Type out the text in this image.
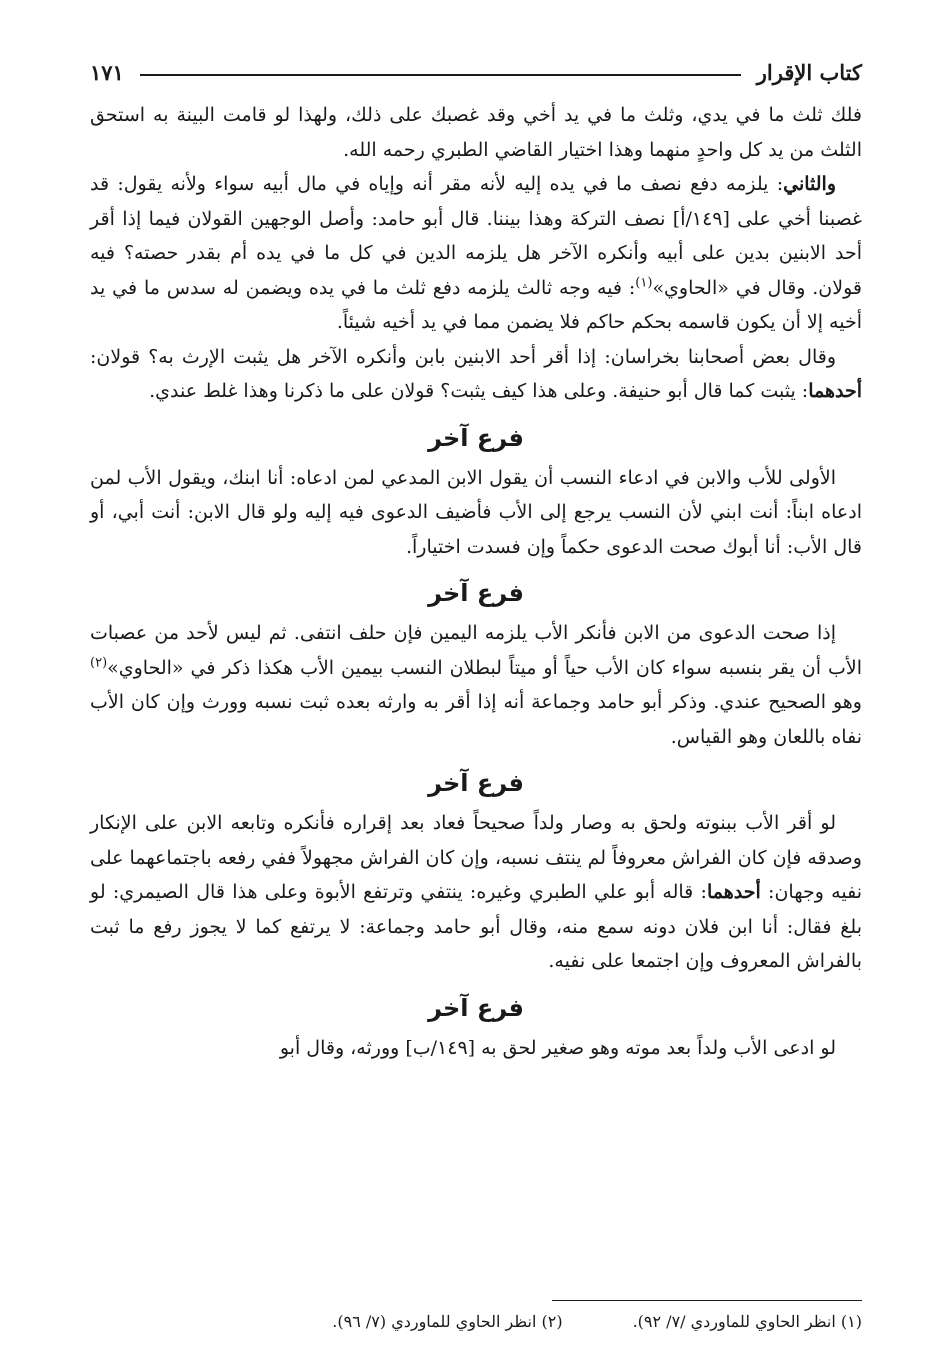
كتاب الإقرار
١٧١

فلك ثلث ما في يدي، وثلث ما في يد أخي وقد غصبك على ذلك، ولهذا لو قامت البينة به استحق الثلث من يد كل واحدٍ منهما وهذا اختيار القاضي الطبري رحمه الله.

والثاني: يلزمه دفع نصف ما في يده إليه لأنه مقر أنه وإياه في مال أبيه سواء ولأنه يقول: قد غصبنا أخي على [١٤٩/أ] نصف التركة وهذا بيننا. قال أبو حامد: وأصل الوجهين القولان فيما إذا أقر أحد الابنين بدين على أبيه وأنكره الآخر هل يلزمه الدين في كل ما في يده أم بقدر حصته؟ فيه قولان. وقال في «الحاوي»$^{(١)}$: فيه وجه ثالث يلزمه دفع ثلث ما في يده ويضمن له سدس ما في يد أخيه إلا أن يكون قاسمه بحكم حاكم فلا يضمن مما في يد أخيه شيئاً.

وقال بعض أصحابنا بخراسان: إذا أقر أحد الابنين بابن وأنكره الآخر هل يثبت الإرث به؟ قولان: أحدهما: يثبت كما قال أبو حنيفة. وعلى هذا كيف يثبت؟ قولان على ما ذكرنا وهذا غلط عندي.

فرع آخر

الأولى للأب والابن في ادعاء النسب أن يقول الابن المدعي لمن ادعاه: أنا ابنك، ويقول الأب لمن ادعاه ابناً: أنت ابني لأن النسب يرجع إلى الأب فأضيف الدعوى فيه إليه ولو قال الابن: أنت أبي، أو قال الأب: أنا أبوك صحت الدعوى حكماً وإن فسدت اختياراً.

فرع آخر

إذا صحت الدعوى من الابن فأنكر الأب يلزمه اليمين فإن حلف انتفى. ثم ليس لأحد من عصبات الأب أن يقر بنسبه سواء كان الأب حياً أو ميتاً لبطلان النسب بيمين الأب هكذا ذكر في «الحاوي»$^{(٢)}$ وهو الصحيح عندي. وذكر أبو حامد وجماعة أنه إذا أقر به وارثه بعده ثبت نسبه وورث وإن كان الأب نفاه باللعان وهو القياس.

فرع آخر

لو أقر الأب ببنوته ولحق به وصار ولداً صحيحاً فعاد بعد إقراره فأنكره وتابعه الابن على الإنكار وصدقه فإن كان الفراش معروفاً لم ينتف نسبه، وإن كان الفراش مجهولاً ففي رفعه باجتماعهما على نفيه وجهان: أحدهما: قاله أبو علي الطبري وغيره: ينتفي وترتفع الأبوة وعلى هذا قال الصيمري: لو بلغ فقال: أنا ابن فلان دونه سمع منه، وقال أبو حامد وجماعة: لا يرتفع كما لا يجوز رفع ما ثبت بالفراش المعروف وإن اجتمعا على نفيه.

فرع آخر

لو ادعى الأب ولداً بعد موته وهو صغير لحق به [١٤٩/ب] وورثه، وقال أبو

(١) انظر الحاوي للماوردي /٧/ ٩٢).
(٢) انظر الحاوي للماوردي (٧/ ٩٦).
